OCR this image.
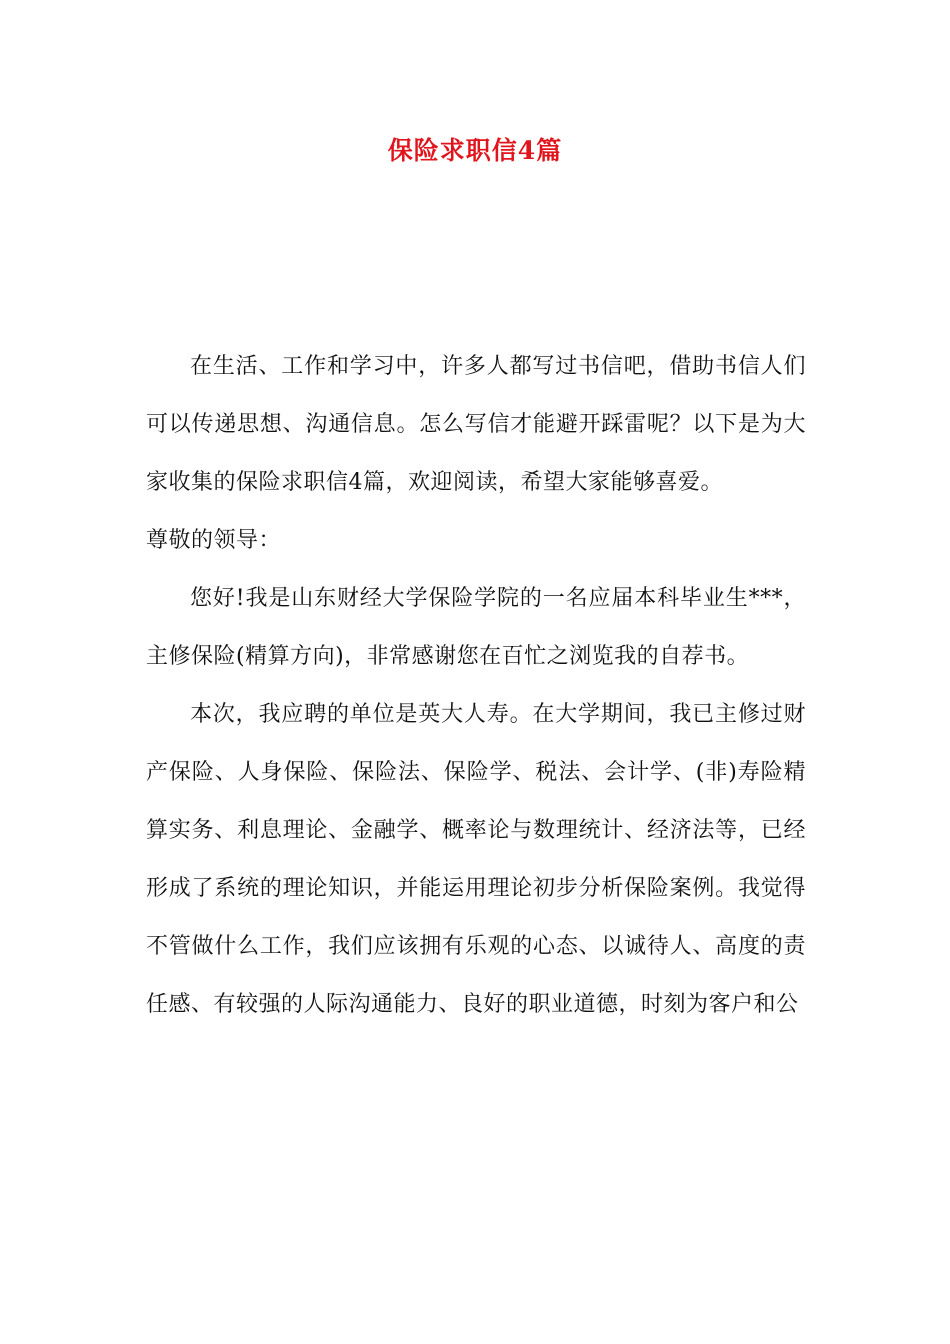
保险求职信4篇

在生活、工作和学习中，许多人都写过书信吧，借助书信人们可以传递思想、沟通信息。怎么写信才能避开踩雷呢？以下是为大家收集的保险求职信4篇，欢迎阅读，希望大家能够喜爱。

尊敬的领导：

您好!我是山东财经大学保险学院的一名应届本科毕业生***，主修保险(精算方向)，非常感谢您在百忙之浏览我的自荐书。

本次，我应聘的单位是英大人寿。在大学期间，我已主修过财产保险、人身保险、保险法、保险学、税法、会计学、(非)寿险精算实务、利息理论、金融学、概率论与数理统计、经济法等，已经形成了系统的理论知识，并能运用理论初步分析保险案例。我觉得不管做什么工作，我们应该拥有乐观的心态、以诚待人、高度的责任感、有较强的人际沟通能力、良好的职业道德，时刻为客户和公
